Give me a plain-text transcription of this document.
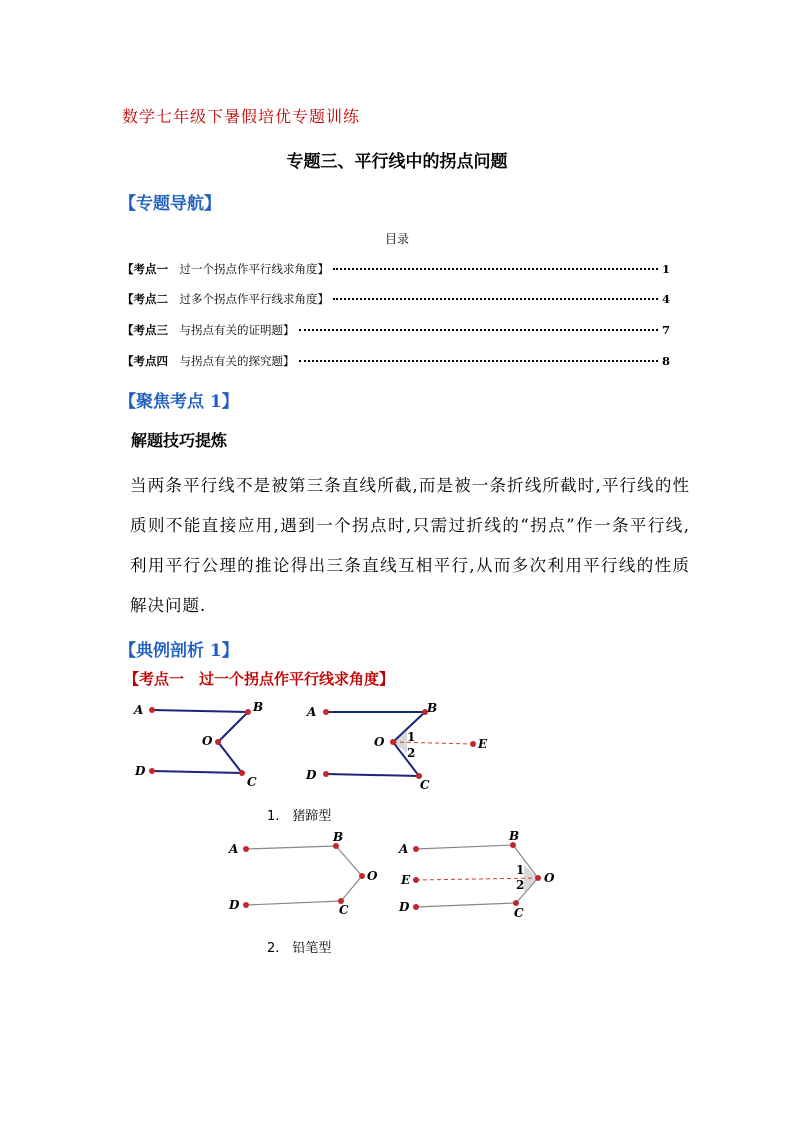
数学七年级下暑假培优专题训练
专题三、平行线中的拐点问题
【专题导航】
目录
【考点一　 过一个拐点作平行线求角度】	1
【考点二　 过多个拐点作平行线求角度】	4
【考点三　 与拐点有关的证明题】	7
【考点四　 与拐点有关的探究题】	8
【聚焦考点 1】
解题技巧提炼
当两条平行线不是被第三条直线所截,而是被一条折线所截时,平行线的性质则不能直接应用,遇到一个拐点时,只需过折线的“拐点”作一条平行线,利用平行公理的推论得出三条直线互相平行,从而多次利用平行线的性质解决问题.
【典例剖析 1】
【考点一　过一个拐点作平行线求角度】
A	B
O
C
D
A	B
O 1
2
E
C
D
1.　猪蹄型
A
B
O
C
D
A
B
O
1
2
E
C
D
2.　铅笔型
